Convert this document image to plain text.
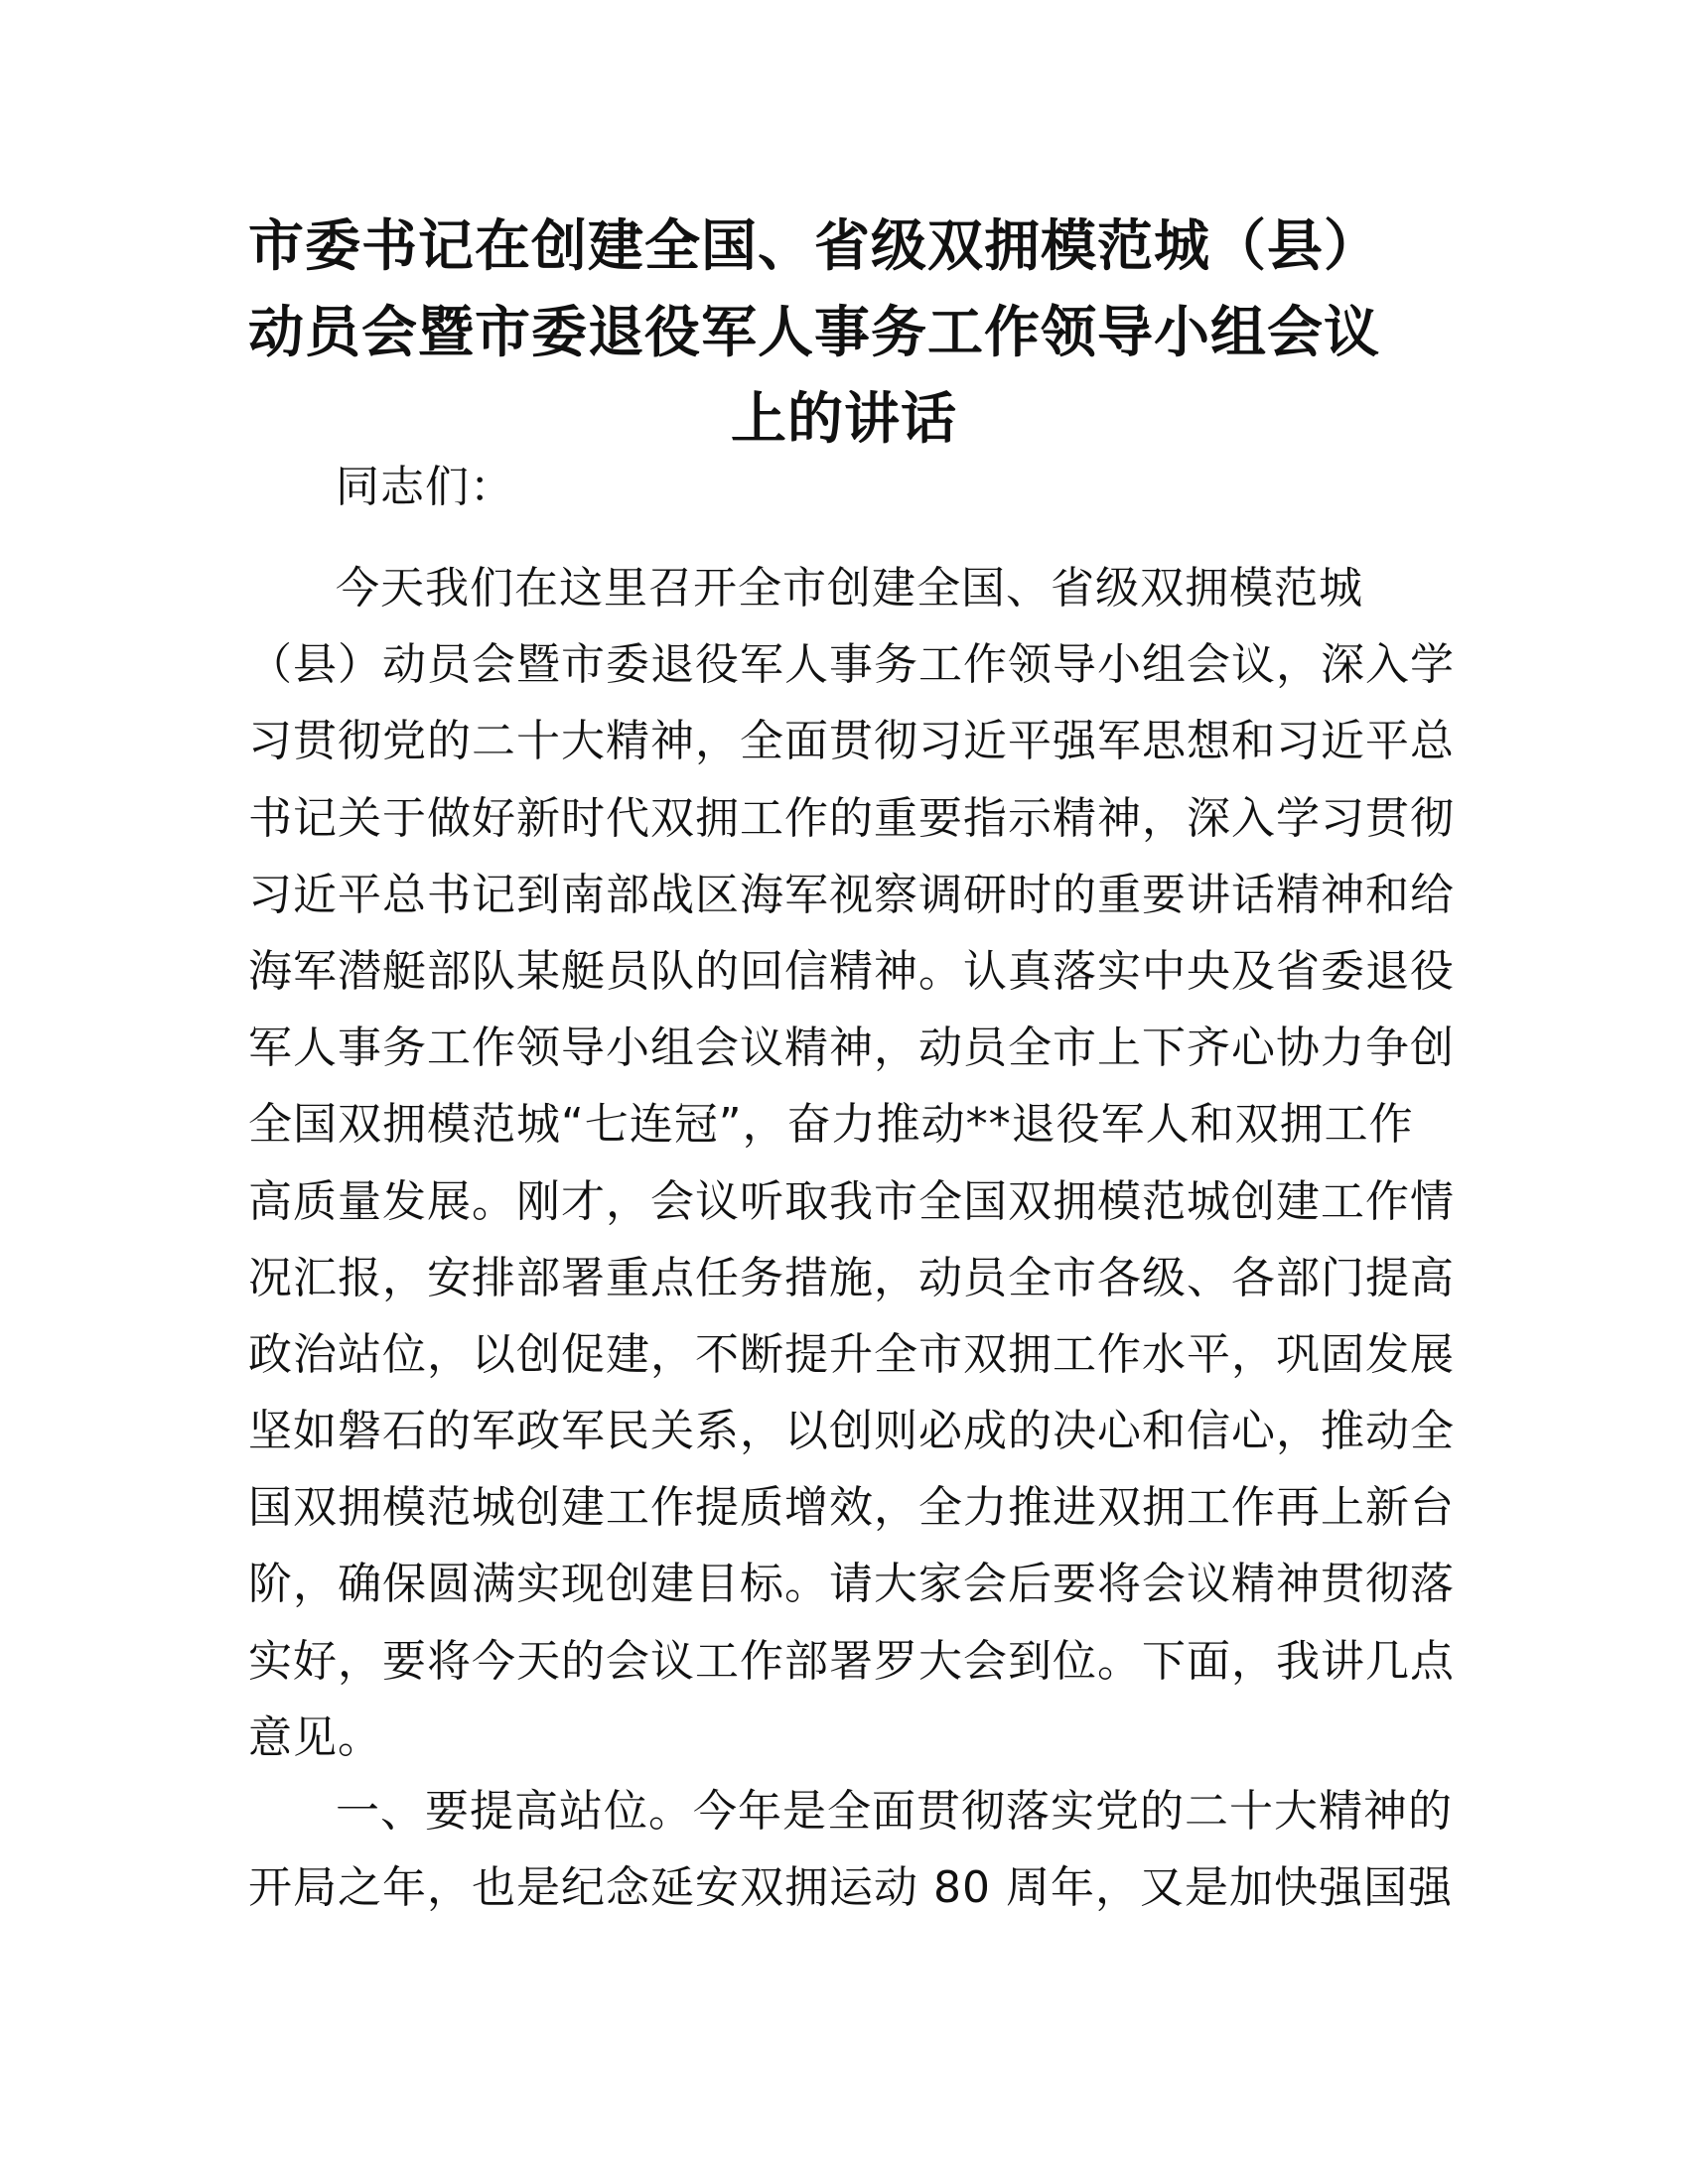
市委书记在创建全国、省级双拥模范城（县）
动员会暨市委退役军人事务工作领导小组会议
上的讲话
同志们：
今天我们在这里召开全市创建全国、省级双拥模范城
（县）动员会暨市委退役军人事务工作领导小组会议，深入学
习贯彻党的二十大精神，全面贯彻习近平强军思想和习近平总
书记关于做好新时代双拥工作的重要指示精神，深入学习贯彻
习近平总书记到南部战区海军视察调研时的重要讲话精神和给
海军潜艇部队某艇员队的回信精神。认真落实中央及省委退役
军人事务工作领导小组会议精神，动员全市上下齐心协力争创
全国双拥模范城“七连冠”，奋力推动**退役军人和双拥工作
高质量发展。刚才，会议听取我市全国双拥模范城创建工作情
况汇报，安排部署重点任务措施，动员全市各级、各部门提高
政治站位，以创促建，不断提升全市双拥工作水平，巩固发展
坚如磐石的军政军民关系，以创则必成的决心和信心，推动全
国双拥模范城创建工作提质增效，全力推进双拥工作再上新台
阶，确保圆满实现创建目标。请大家会后要将会议精神贯彻落
实好，要将今天的会议工作部署罗大会到位。下面，我讲几点
意见。
一、要提高站位。今年是全面贯彻落实党的二十大精神的
开局之年，也是纪念延安双拥运动 80 周年，又是加快强国强
